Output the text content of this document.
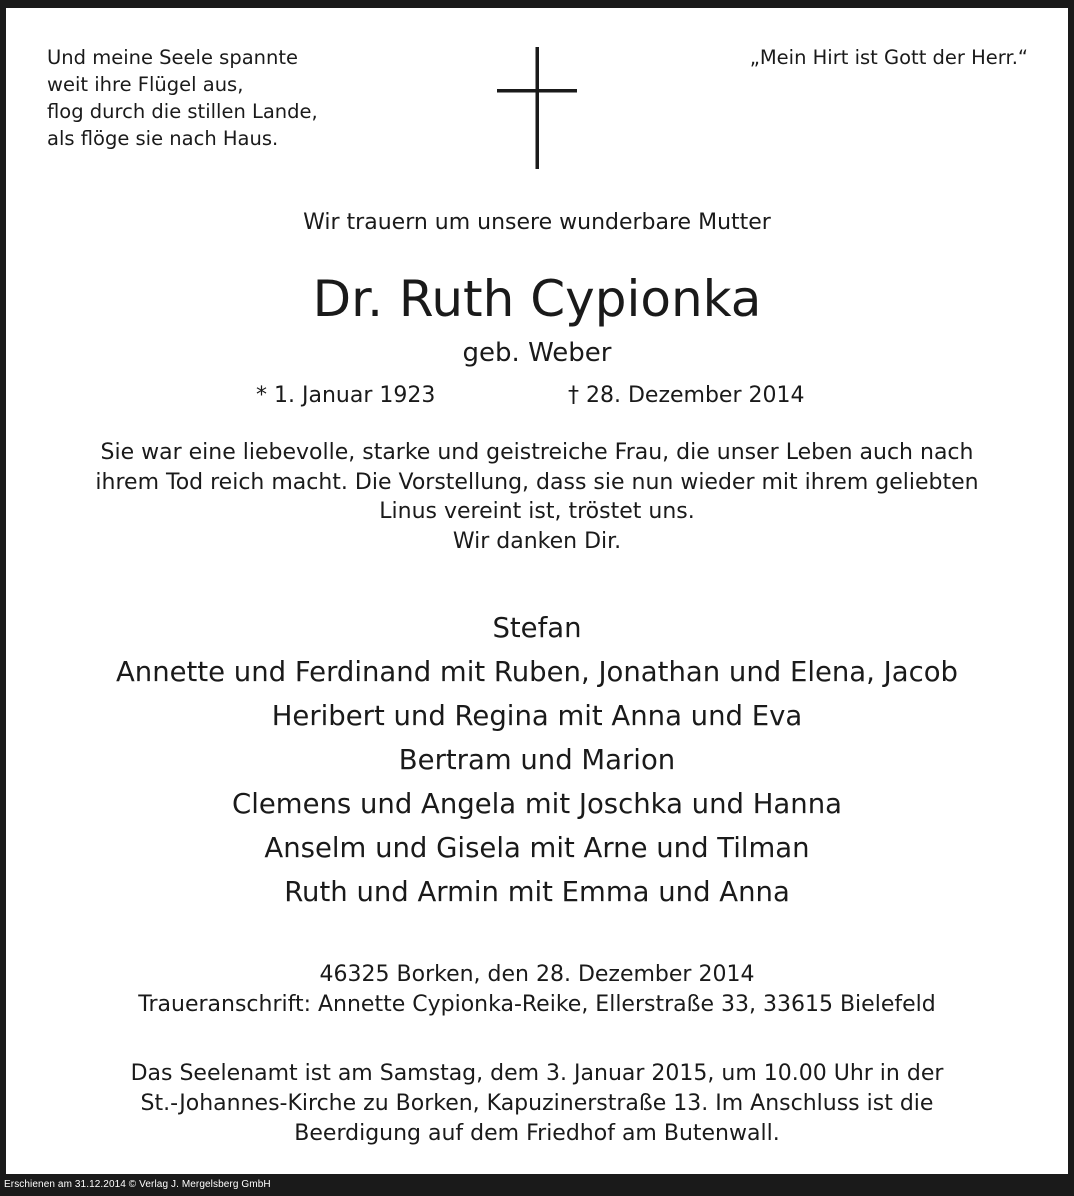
Und meine Seele spannte
weit ihre Flügel aus,
flog durch die stillen Lande,
als flöge sie nach Haus.
„Mein Hirt ist Gott der Herr.“
Wir trauern um unsere wunderbare Mutter
Dr. Ruth Cypionka
geb. Weber
* 1. Januar 1923	† 28. Dezember 2014
Sie war eine liebevolle, starke und geistreiche Frau, die unser Leben auch nach
ihrem Tod reich macht. Die Vorstellung, dass sie nun wieder mit ihrem geliebten
Linus vereint ist, tröstet uns.
Wir danken Dir.
Stefan
Annette und Ferdinand mit Ruben, Jonathan und Elena, Jacob
Heribert und Regina mit Anna und Eva
Bertram und Marion
Clemens und Angela mit Joschka und Hanna
Anselm und Gisela mit Arne und Tilman
Ruth und Armin mit Emma und Anna
46325 Borken, den 28. Dezember 2014
Traueranschrift: Annette Cypionka-Reike, Ellerstraße 33, 33615 Bielefeld
Das Seelenamt ist am Samstag, dem 3. Januar 2015, um 10.00 Uhr in der
St.-Johannes-Kirche zu Borken, Kapuzinerstraße 13. Im Anschluss ist die
Beerdigung auf dem Friedhof am Butenwall.
Erschienen am 31.12.2014 © Verlag J. Mergelsberg GmbH
